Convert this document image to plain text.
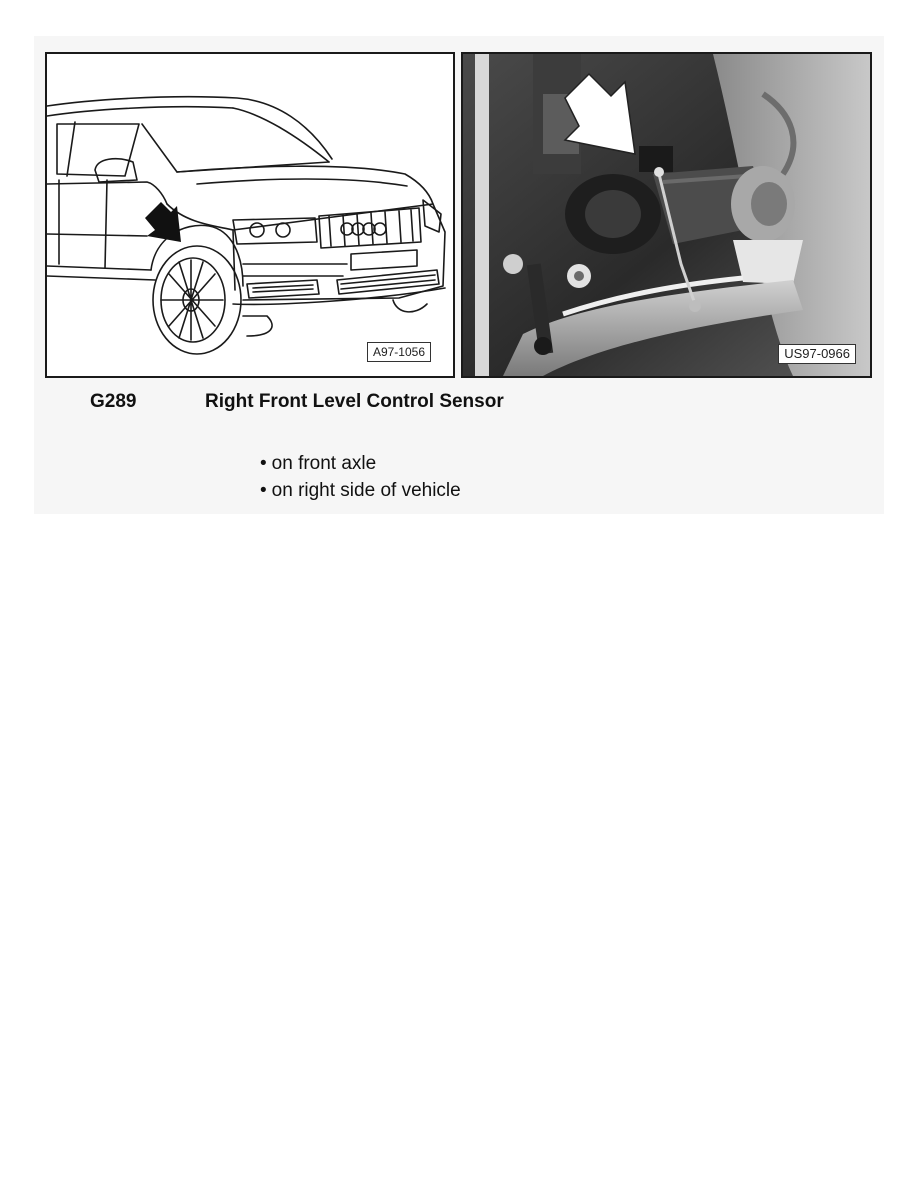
A97-1056	US97-0966
G289	Right Front Level Control Sensor
• on front axle
• on right side of vehicle
